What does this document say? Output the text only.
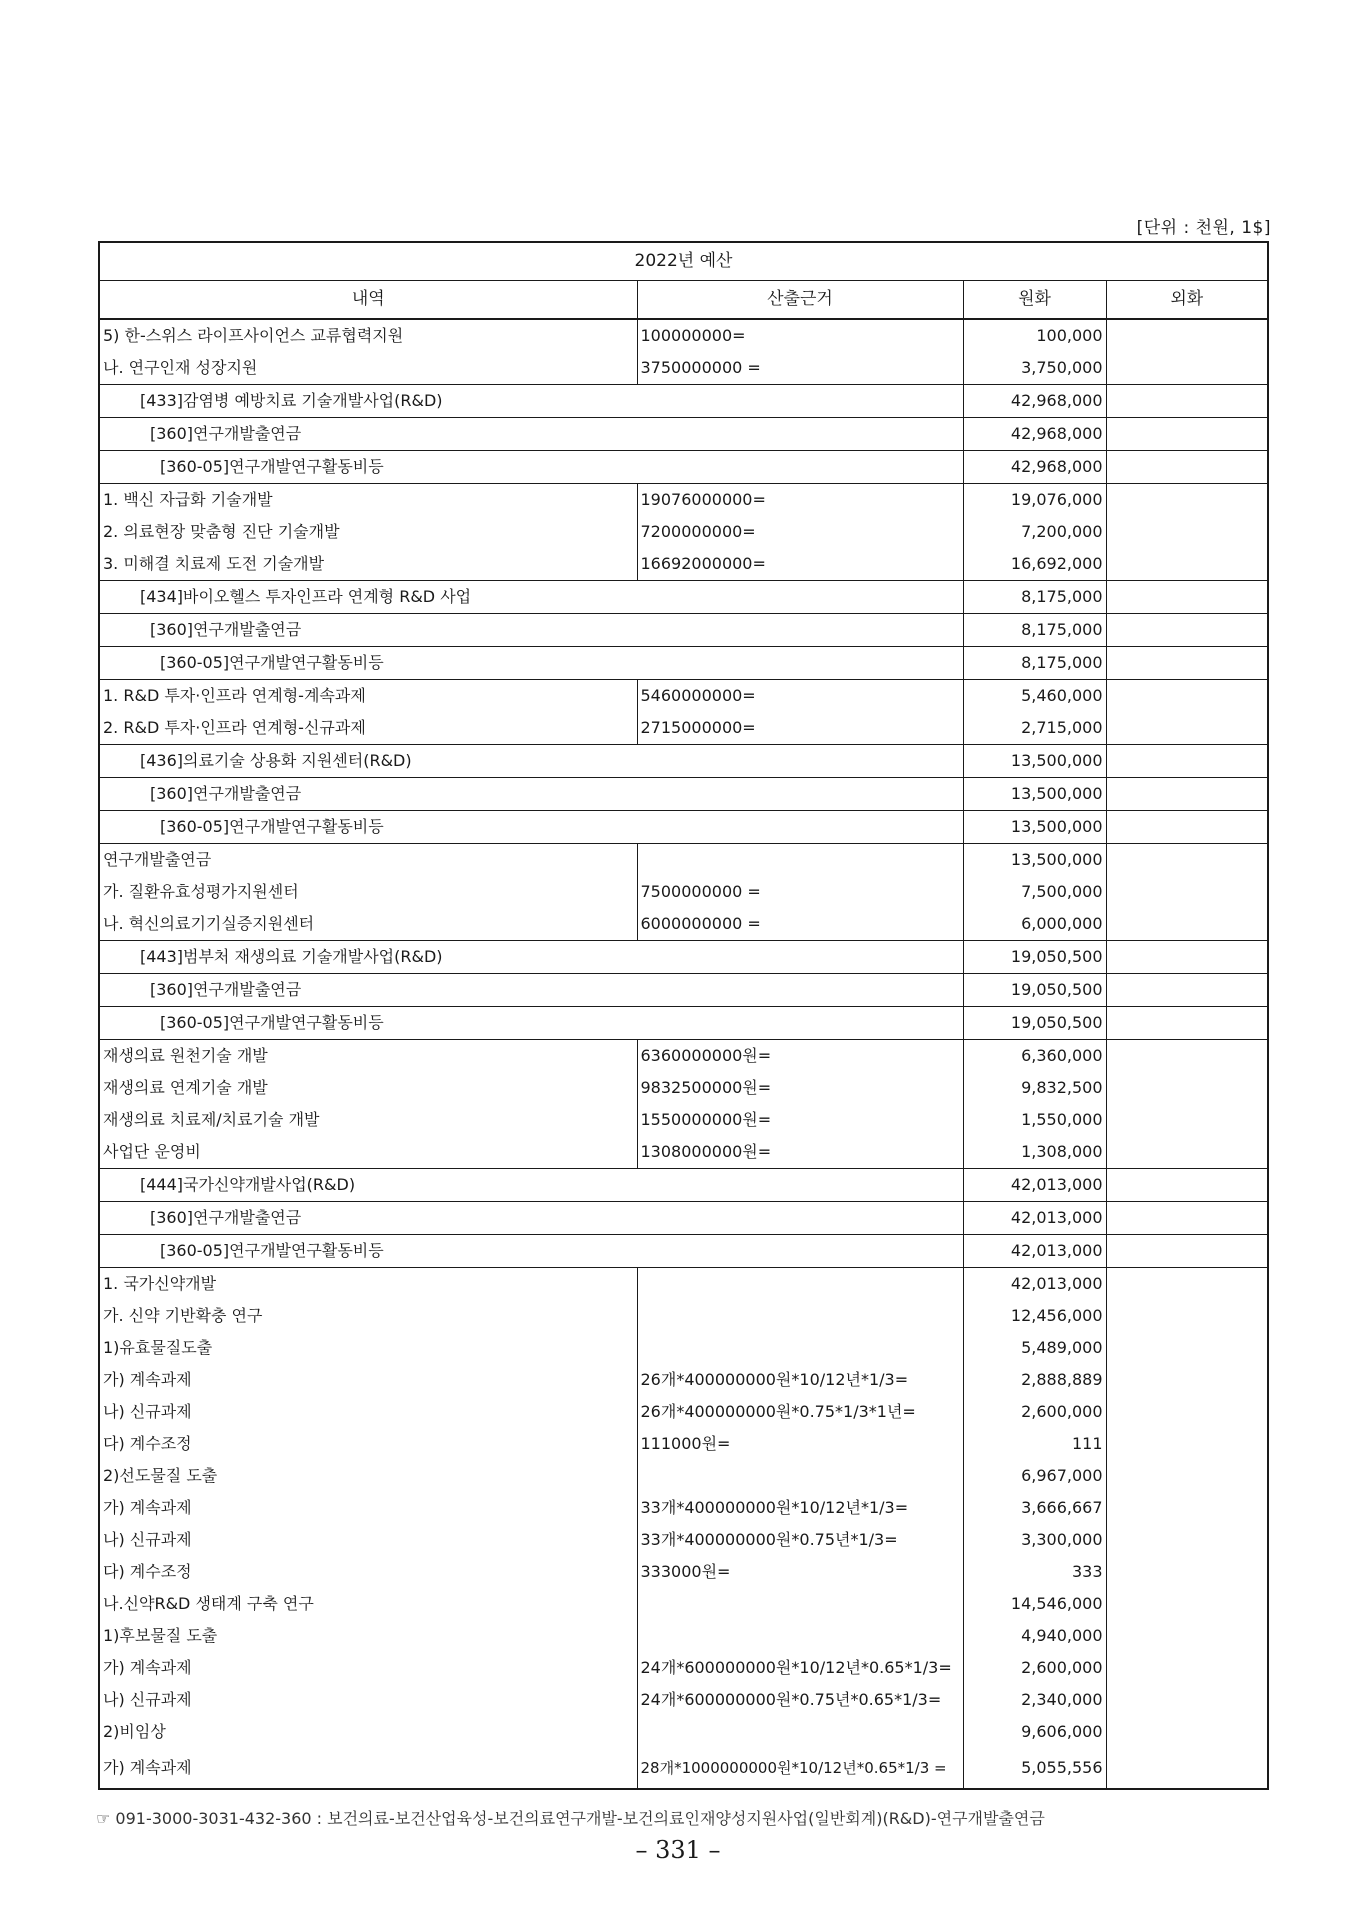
[단위 : 천원, 1$]
2022년 예산			
내역	산출근거	원화	외화
5) 한-스위스 라이프사이언스 교류협력지원	100000000=	100,000	
나. 연구인재 성장지원	3750000000 =	3,750,000	
[433]감염병 예방치료 기술개발사업(R&D)		42,968,000	
[360]연구개발출연금		42,968,000	
[360-05]연구개발연구활동비등		42,968,000	
1. 백신 자급화 기술개발	19076000000=	19,076,000	
2. 의료현장 맞춤형 진단 기술개발	7200000000=	7,200,000	
3. 미해결 치료제 도전 기술개발	16692000000=	16,692,000	
[434]바이오헬스 투자인프라 연계형 R&D 사업		8,175,000	
[360]연구개발출연금		8,175,000	
[360-05]연구개발연구활동비등		8,175,000	
1. R&D 투자·인프라 연계형-계속과제	5460000000=	5,460,000	
2. R&D 투자·인프라 연계형-신규과제	2715000000=	2,715,000	
[436]의료기술 상용화 지원센터(R&D)		13,500,000	
[360]연구개발출연금		13,500,000	
[360-05]연구개발연구활동비등		13,500,000	
연구개발출연금		13,500,000	
가. 질환유효성평가지원센터	7500000000 =	7,500,000	
나. 혁신의료기기실증지원센터	6000000000 =	6,000,000	
[443]범부처 재생의료 기술개발사업(R&D)		19,050,500	
[360]연구개발출연금		19,050,500	
[360-05]연구개발연구활동비등		19,050,500	
재생의료 원천기술 개발	6360000000원=	6,360,000	
재생의료 연계기술 개발	9832500000원=	9,832,500	
재생의료 치료제/치료기술 개발	1550000000원=	1,550,000	
사업단 운영비	1308000000원=	1,308,000	
[444]국가신약개발사업(R&D)		42,013,000	
[360]연구개발출연금		42,013,000	
[360-05]연구개발연구활동비등		42,013,000	
1. 국가신약개발		42,013,000	
가. 신약 기반확충 연구		12,456,000	
1)유효물질도출		5,489,000	
가) 계속과제	26개*400000000원*10/12년*1/3=	2,888,889	
나) 신규과제	26개*400000000원*0.75*1/3*1년=	2,600,000	
다) 계수조정	111000원=	111	
2)선도물질 도출		6,967,000	
가) 계속과제	33개*400000000원*10/12년*1/3=	3,666,667	
나) 신규과제	33개*400000000원*0.75년*1/3=	3,300,000	
다) 계수조정	333000원=	333	
나.신약R&D 생태계 구축 연구		14,546,000	
1)후보물질 도출		4,940,000	
가) 계속과제	24개*600000000원*10/12년*0.65*1/3=	2,600,000	
나) 신규과제	24개*600000000원*0.75년*0.65*1/3=	2,340,000	
2)비임상		9,606,000	
가) 계속과제	28개*1000000000원*10/12년*0.65*1/3 =	5,055,556	
☞ 091-3000-3031-432-360 : 보건의료-보건산업육성-보건의료연구개발-보건의료인재양성지원사업(일반회계)(R&D)-연구개발출연금
– 331 –
